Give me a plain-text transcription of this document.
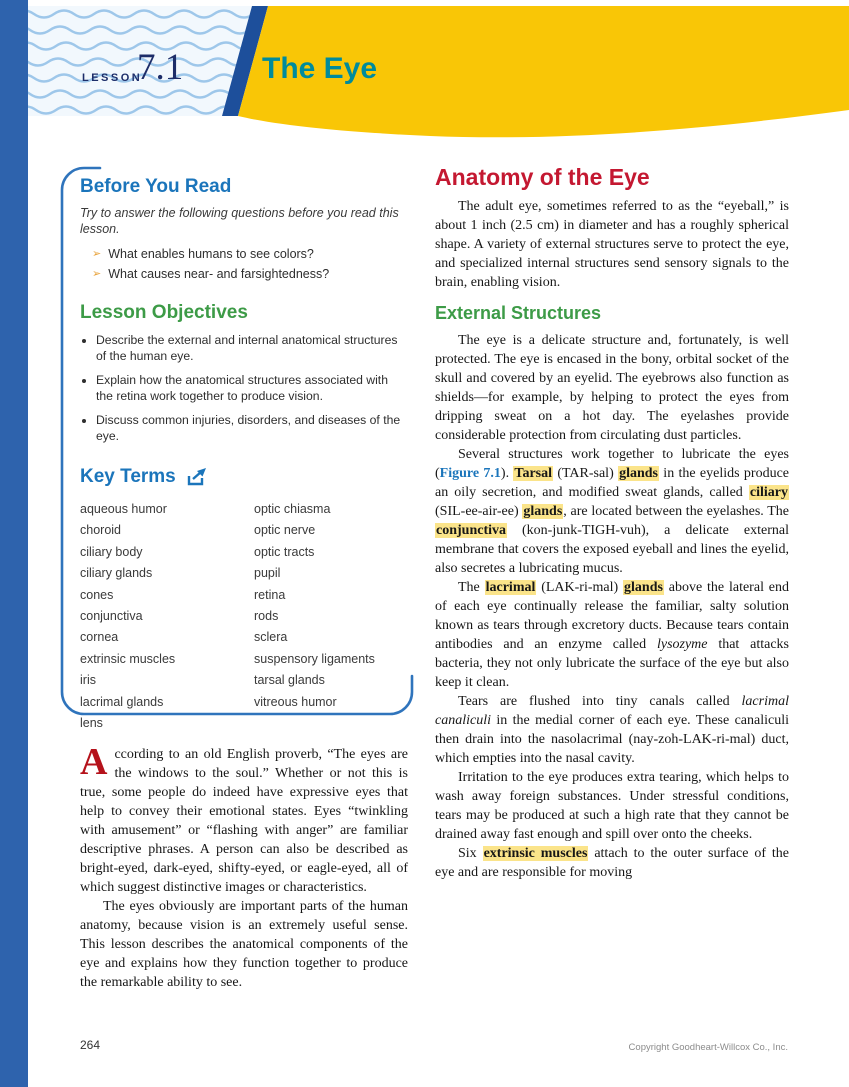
LESSON
7.1	The Eye
Before You Read

Try to answer the following questions before you read this lesson.

➢ What enables humans to see colors?
➢ What causes near- and farsightedness?
Lesson Objectives
• Describe the external and internal anatomical structures of the human eye.
• Explain how the anatomical structures associated with the retina work together to produce vision.
• Discuss common injuries, disorders, and diseases of the eye.
Key Terms
aqueous humor
choroid
ciliary body
ciliary glands
cones
conjunctiva
cornea
extrinsic muscles
iris
lacrimal glands
lens
optic chiasma
optic nerve
optic tracts
pupil
retina
rods
sclera
suspensory ligaments
tarsal glands
vitreous humor

According to an old English proverb, “The eyes are the windows to the soul.” Whether or not this is true, some people do indeed have expressive eyes that help to convey their emotional states. Eyes “twinkling with amusement” or “flashing with anger” are familiar descriptive phrases. A person can also be described as bright-eyed, dark-eyed, shifty-eyed, or eagle-eyed, all of which suggest distinctive images or characteristics.

The eyes obviously are important parts of the human anatomy, because vision is an extremely useful sense. This lesson describes the anatomical components of the eye and explains how they function together to produce the remarkable ability to see.

Anatomy of the Eye

The adult eye, sometimes referred to as the “eyeball,” is about 1 inch (2.5 cm) in diameter and has a roughly spherical shape. A variety of external structures serve to protect the eye, and specialized internal structures send sensory signals to the brain, enabling vision.

External Structures

The eye is a delicate structure and, fortunately, is well protected. The eye is encased in the bony, orbital socket of the skull and covered by an eyelid. The eyebrows also function as shields—for example, by helping to protect the eyes from dripping sweat on a hot day. The eyelashes provide considerable protection from circulating dust particles.

Several structures work together to lubricate the eyes (Figure 7.1). Tarsal (TAR-sal) glands in the eyelids produce an oily secretion, and modified sweat glands, called ciliary (SIL-ee-air-ee) glands, are located between the eyelashes. The conjunctiva (kon-junk-TIGH-vuh), a delicate external membrane that covers the exposed eyeball and lines the eyelid, also secretes a lubricating mucus.

The lacrimal (LAK-ri-mal) glands above the lateral end of each eye continually release the familiar, salty solution known as tears through excretory ducts. Because tears contain antibodies and an enzyme called lysozyme that attacks bacteria, they not only lubricate the surface of the eye but also keep it clean.

Tears are flushed into tiny canals called lacrimal canaliculi in the medial corner of each eye. These canaliculi then drain into the nasolacrimal (nay-zoh-LAK-ri-mal) duct, which empties into the nasal cavity.

Irritation to the eye produces extra tearing, which helps to wash away foreign substances. Under stressful conditions, tears may be produced at such a high rate that they cannot be drained away fast enough and spill over onto the cheeks.

Six extrinsic muscles attach to the outer surface of the eye and are responsible for moving

264	Copyright Goodheart-Willcox Co., Inc.
